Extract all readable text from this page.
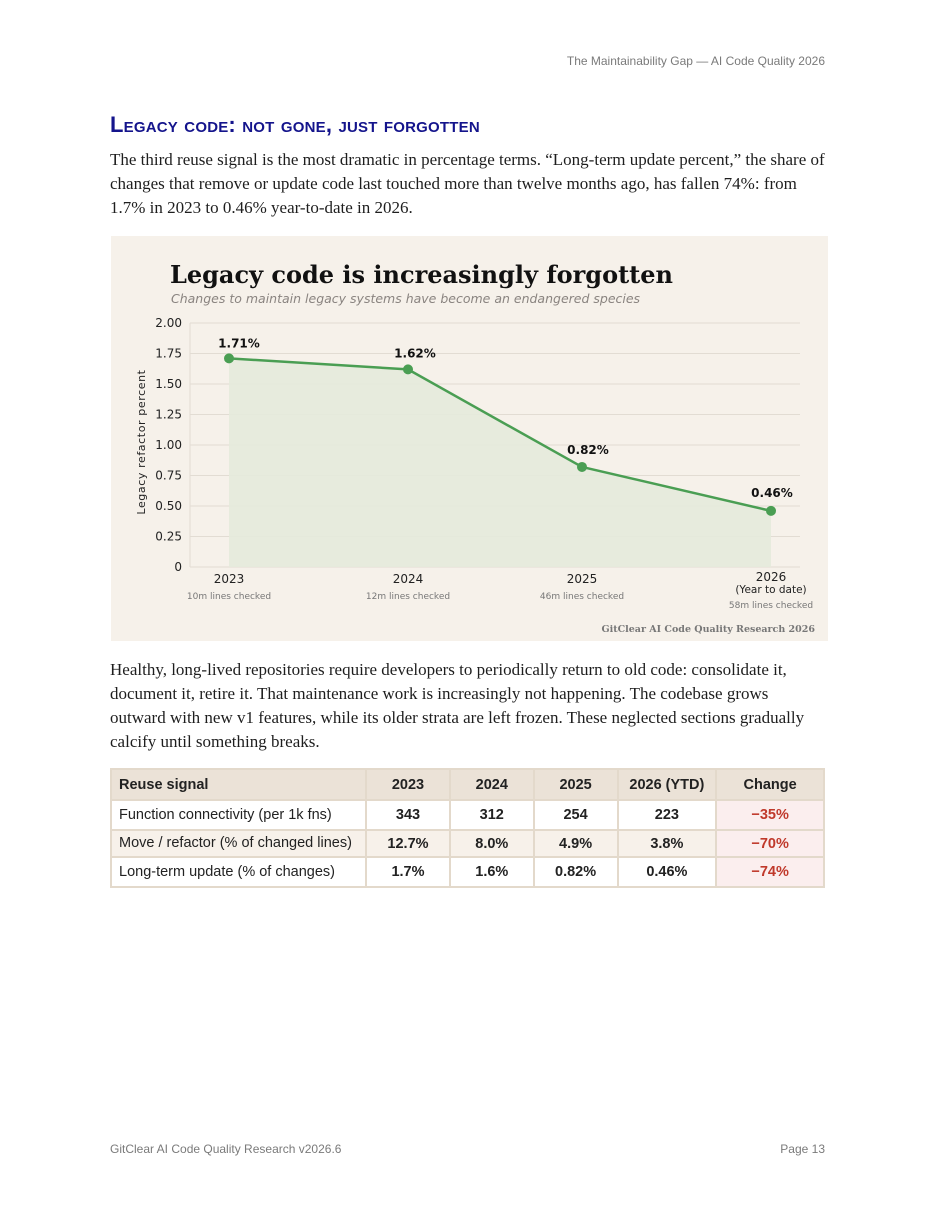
The Maintainability Gap — AI Code Quality 2026
Legacy code: not gone, just forgotten

The third reuse signal is the most dramatic in percentage terms. “Long-term update percent,” the share of changes that remove or update code last touched more than twelve months ago, has fallen 74%: from 1.7% in 2023 to 0.46% year-to-date in 2026.

Legacy code is increasingly forgotten
Changes to maintain legacy systems have become an endangered species
Legacy refactor percent
0
0.25
0.50
0.75
1.00
1.25
1.50
1.75
2.00
1.71%
1.62%
0.82%
0.46%
2023
10m lines checked
2024
12m lines checked
2025
46m lines checked
2026
(Year to date)
58m lines checked
GitClear AI Code Quality Research 2026

Healthy, long-lived repositories require developers to periodically return to old code: consolidate it, document it, retire it. That maintenance work is increasingly not happening. The codebase grows outward with new v1 features, while its older strata are left frozen. These neglected sections gradually calcify until something breaks.

Reuse signal	2023	2024	2025	2026 (YTD)	Change
Function connectivity (per 1k fns)	343	312	254	223	−35%
Move / refactor (% of changed lines)	12.7%	8.0%	4.9%	3.8%	−70%
Long-term update (% of changes)	1.7%	1.6%	0.82%	0.46%	−74%
GitClear AI Code Quality Research v2026.6	Page 13
